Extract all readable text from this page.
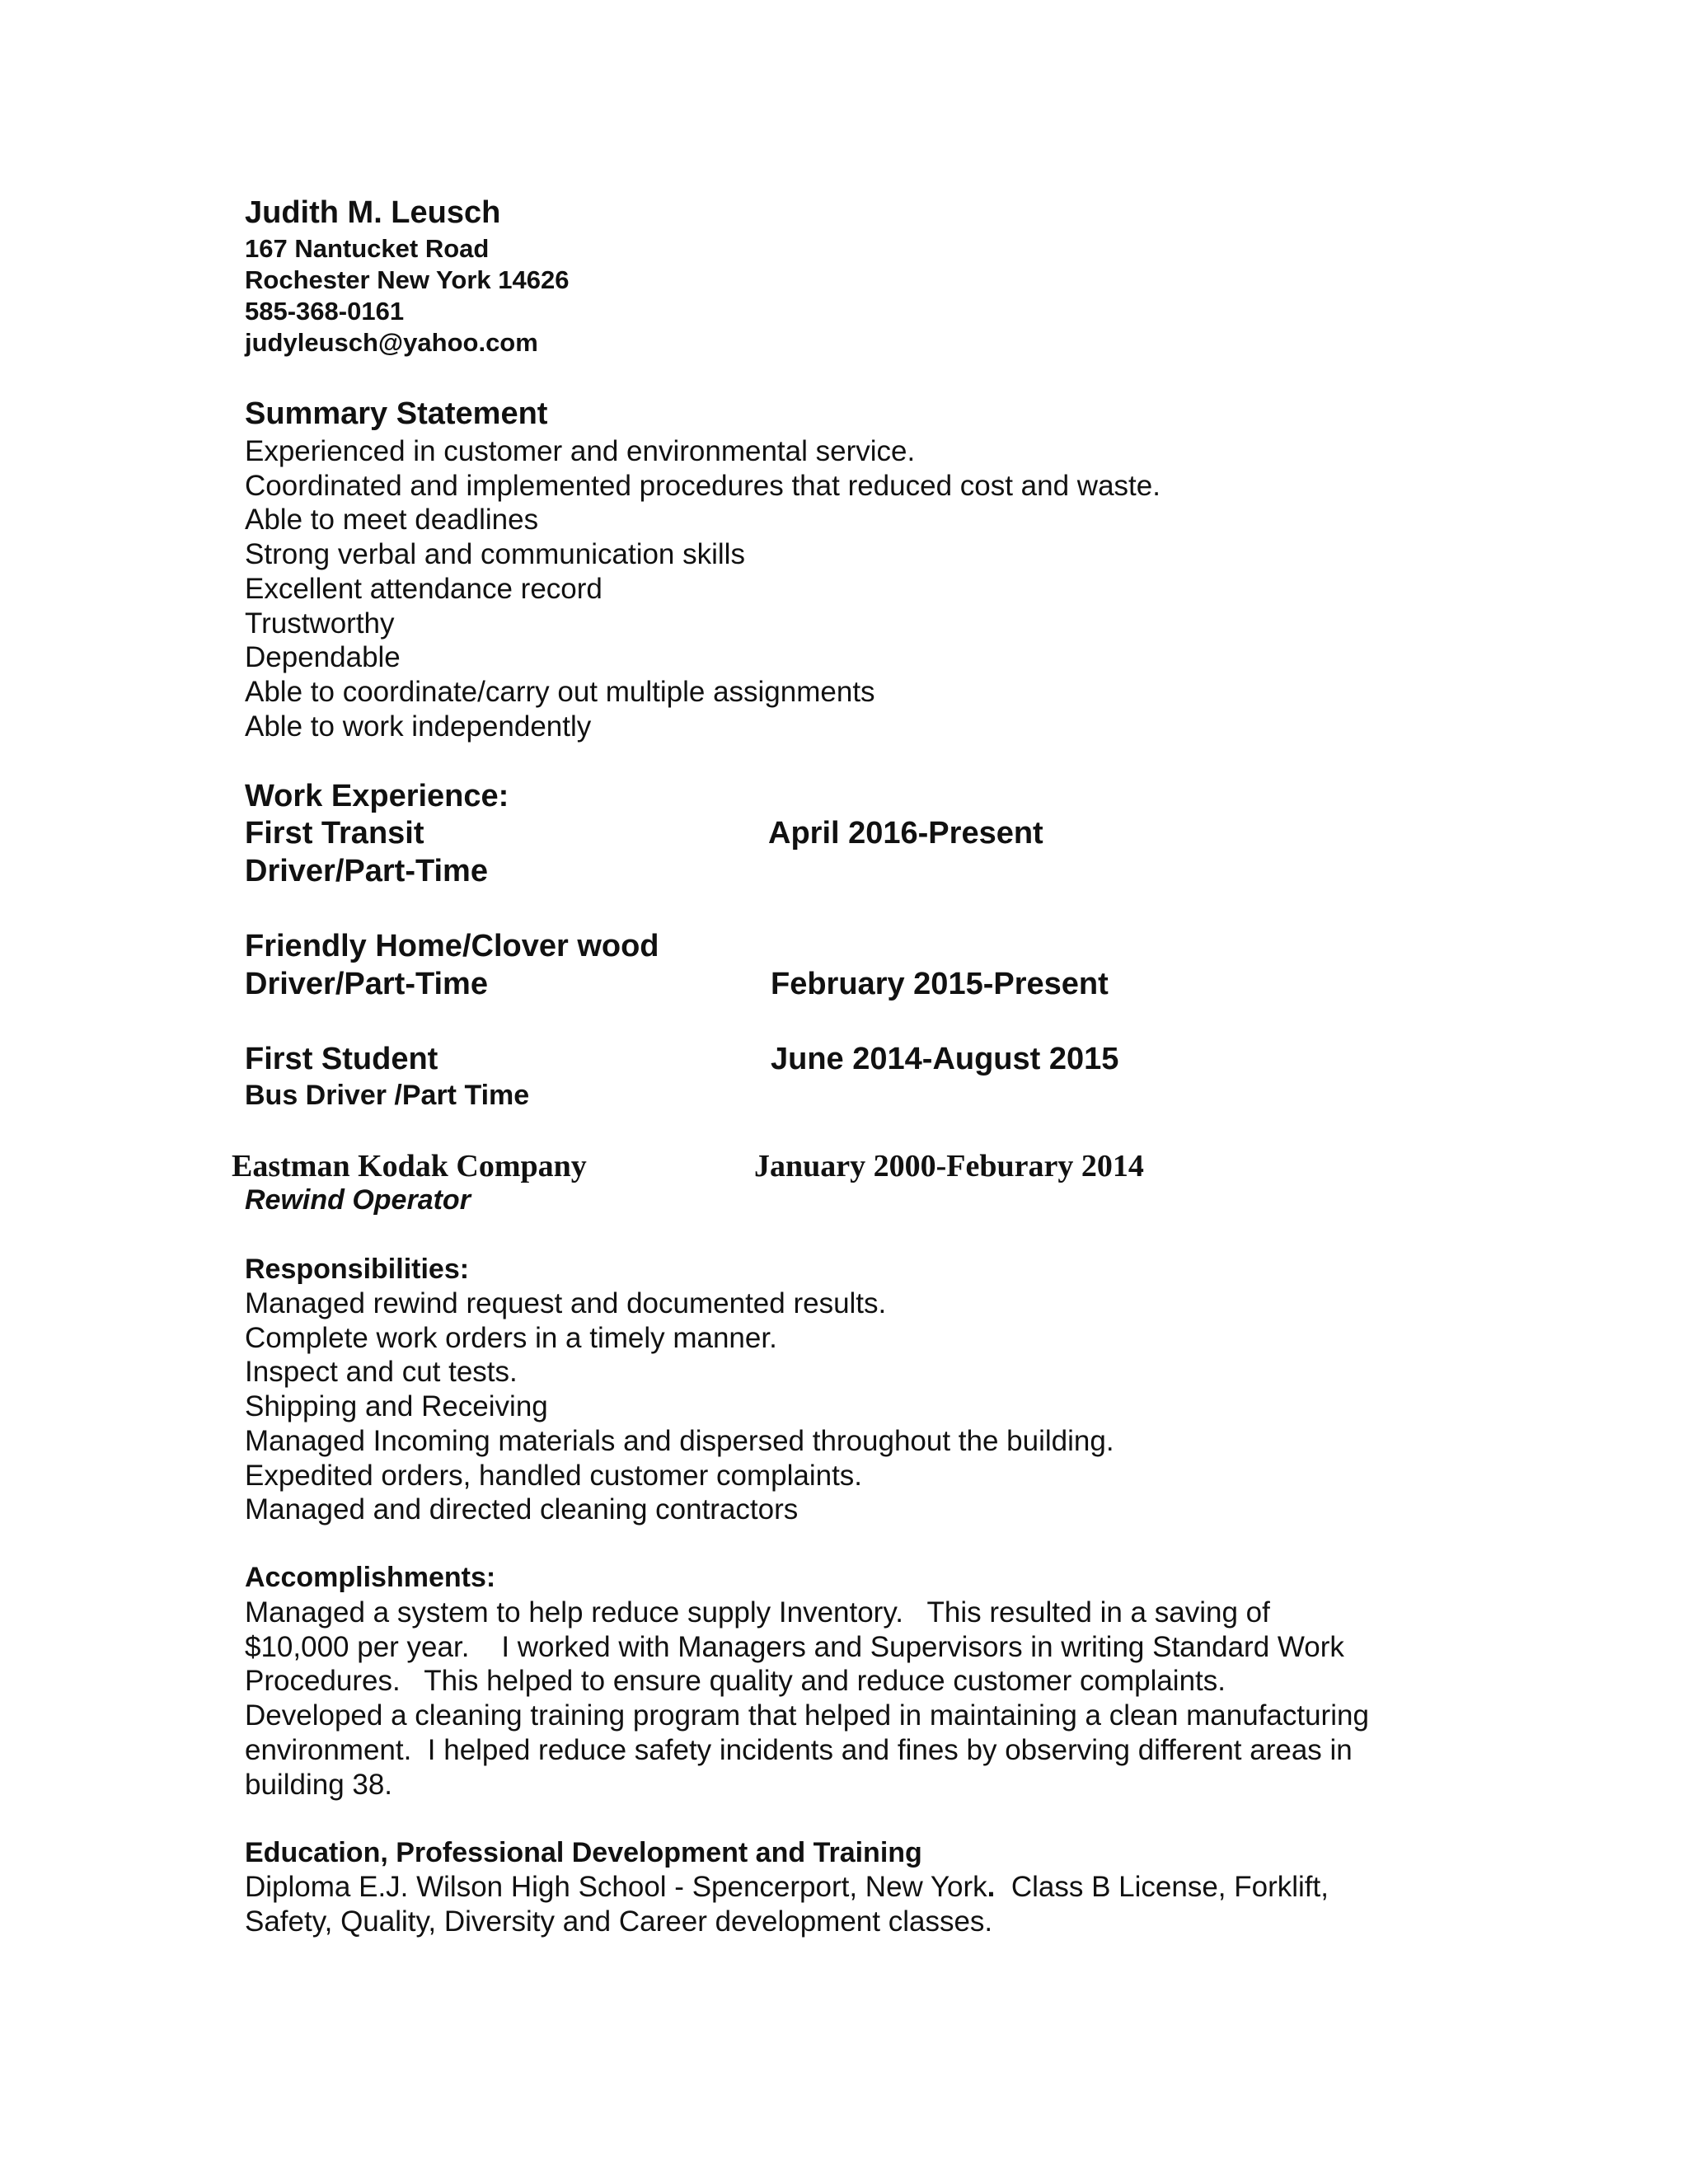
Judith M. Leusch
167 Nantucket Road
Rochester New York 14626
585-368-0161
judyleusch@yahoo.com
Summary Statement
Experienced in customer and environmental service.
Coordinated and implemented procedures that reduced cost and waste.
Able to meet deadlines
Strong verbal and communication skills
Excellent attendance record
Trustworthy
Dependable
Able to coordinate/carry out multiple assignments
Able to work independently
Work Experience:
First Transit	April 2016-Present
Driver/Part-Time
Friendly Home/Clover wood
Driver/Part-Time	February 2015-Present
First Student	June 2014-August 2015
Bus Driver /Part Time
Eastman Kodak Company	January 2000-Feburary 2014
Rewind Operator
Responsibilities:
Managed rewind request and documented results.
Complete work orders in a timely manner.
Inspect and cut tests.
Shipping and Receiving
Managed Incoming materials and dispersed throughout the building.
Expedited orders, handled customer complaints.
Managed and directed cleaning contractors
Accomplishments:
Managed a system to help reduce supply Inventory.   This resulted in a saving of
$10,000 per year.    I worked with Managers and Supervisors in writing Standard Work
Procedures.   This helped to ensure quality and reduce customer complaints.
Developed a cleaning training program that helped in maintaining a clean manufacturing
environment.  I helped reduce safety incidents and fines by observing different areas in
building 38.
Education, Professional Development and Training
Diploma E.J. Wilson High School - Spencerport, New York.  Class B License, Forklift,
Safety, Quality, Diversity and Career development classes.
